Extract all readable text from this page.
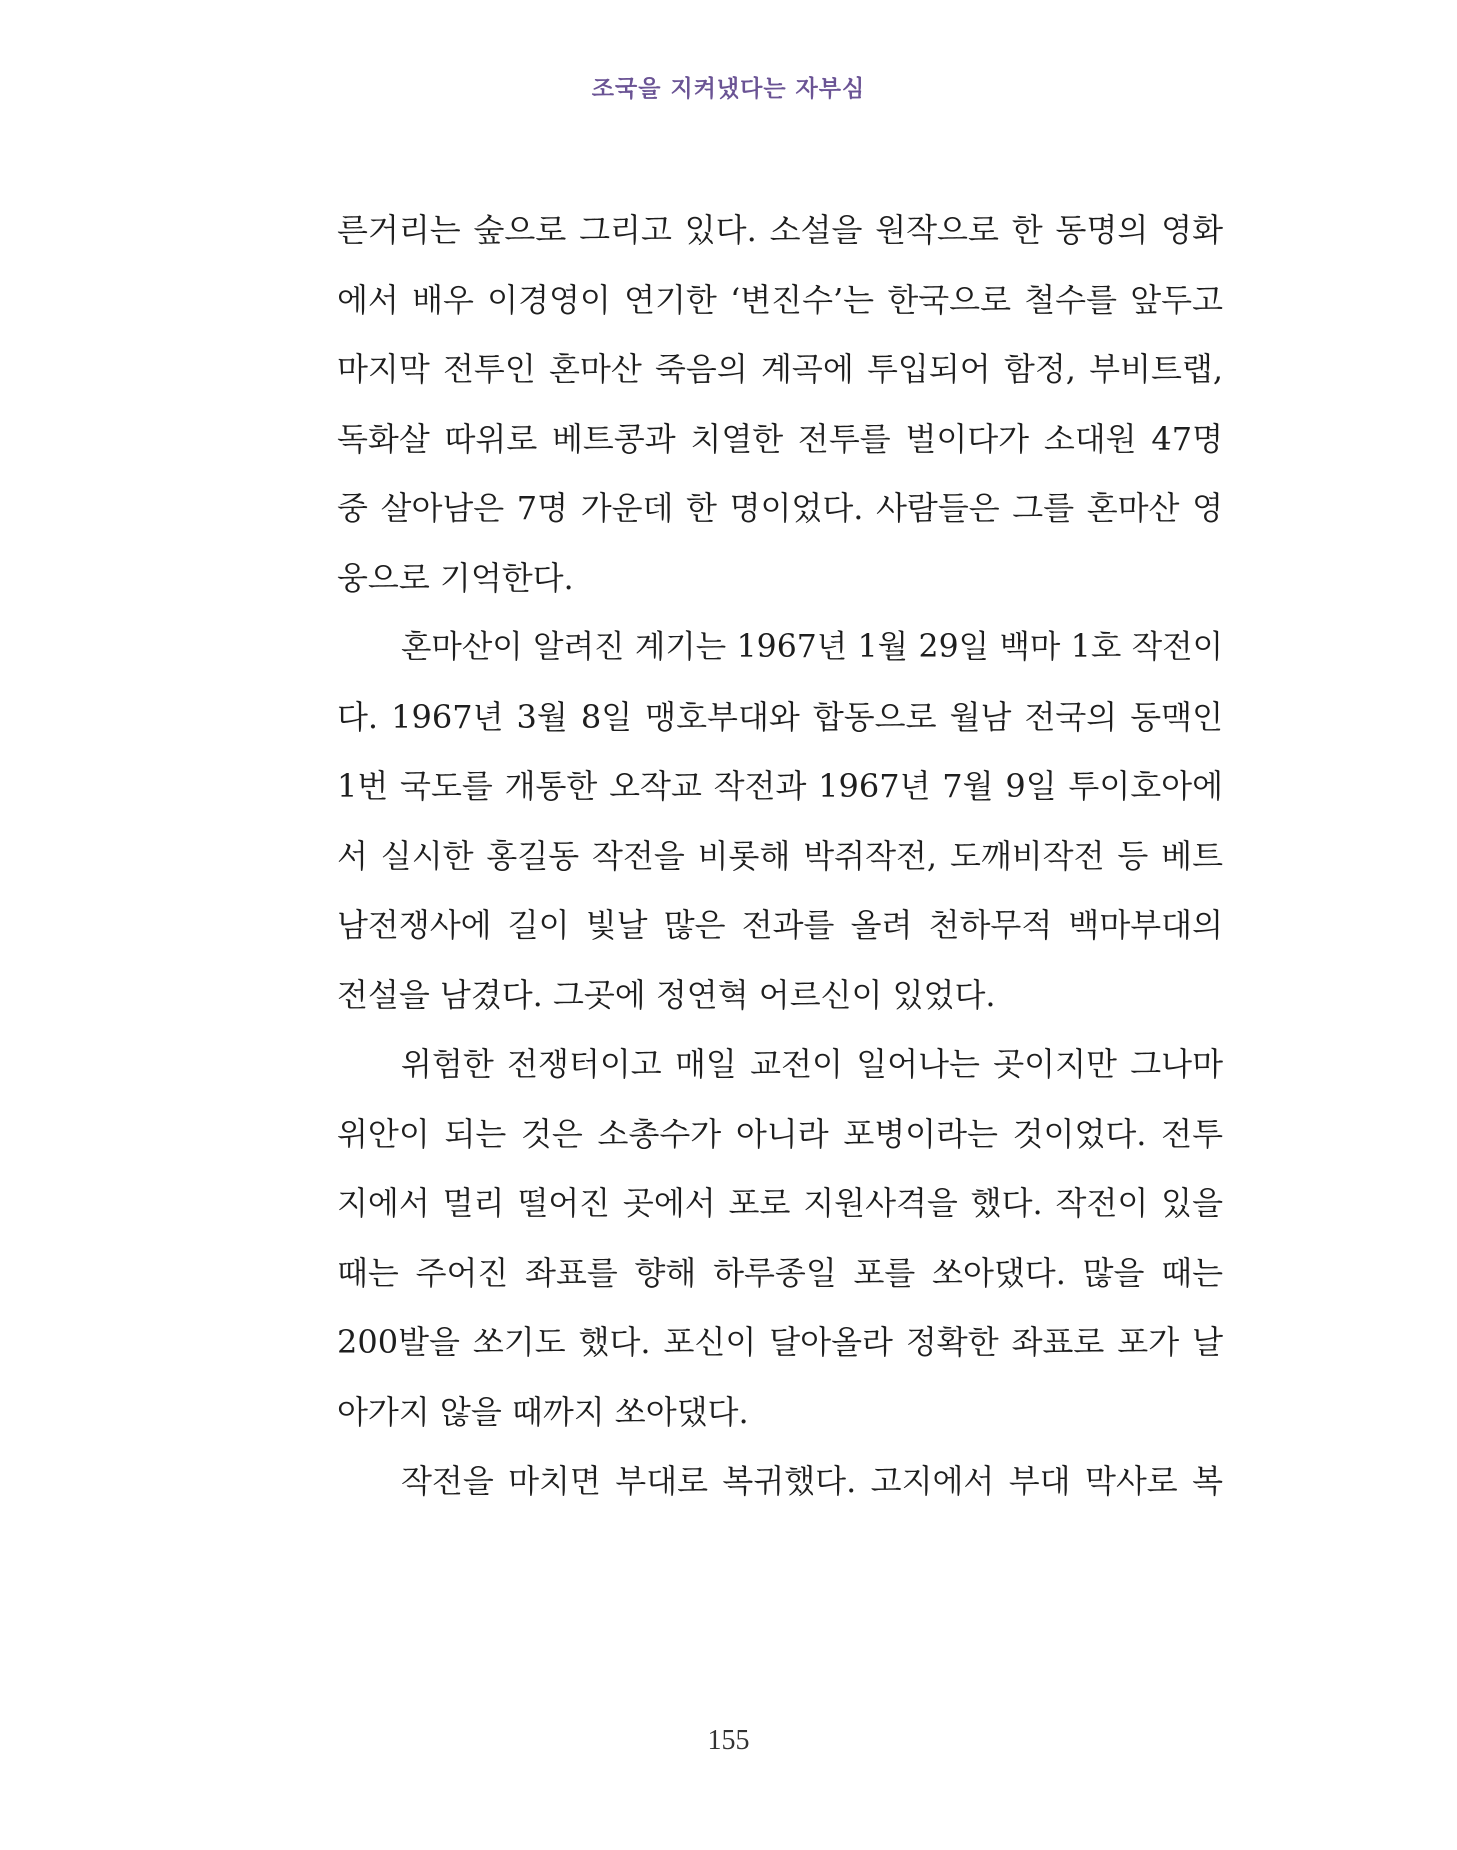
조국을 지켜냈다는 자부심
른거리는 숲으로 그리고 있다. 소설을 원작으로 한 동명의 영화
에서 배우 이경영이 연기한 ‘변진수’는 한국으로 철수를 앞두고
마지막 전투인 혼마산 죽음의 계곡에 투입되어 함정, 부비트랩,
독화살 따위로 베트콩과 치열한 전투를 벌이다가 소대원 47명
중 살아남은 7명 가운데 한 명이었다. 사람들은 그를 혼마산 영
웅으로 기억한다.
혼마산이 알려진 계기는 1967년 1월 29일 백마 1호 작전이
다. 1967년 3월 8일 맹호부대와 합동으로 월남 전국의 동맥인
1번 국도를 개통한 오작교 작전과 1967년 7월 9일 투이호아에
서 실시한 홍길동 작전을 비롯해 박쥐작전, 도깨비작전 등 베트
남전쟁사에 길이 빛날 많은 전과를 올려 천하무적 백마부대의
전설을 남겼다. 그곳에 정연혁 어르신이 있었다.
위험한 전쟁터이고 매일 교전이 일어나는 곳이지만 그나마
위안이 되는 것은 소총수가 아니라 포병이라는 것이었다. 전투
지에서 멀리 떨어진 곳에서 포로 지원사격을 했다. 작전이 있을
때는 주어진 좌표를 향해 하루종일 포를 쏘아댔다. 많을 때는
200발을 쏘기도 했다. 포신이 달아올라 정확한 좌표로 포가 날
아가지 않을 때까지 쏘아댔다.
작전을 마치면 부대로 복귀했다. 고지에서 부대 막사로 복
155
